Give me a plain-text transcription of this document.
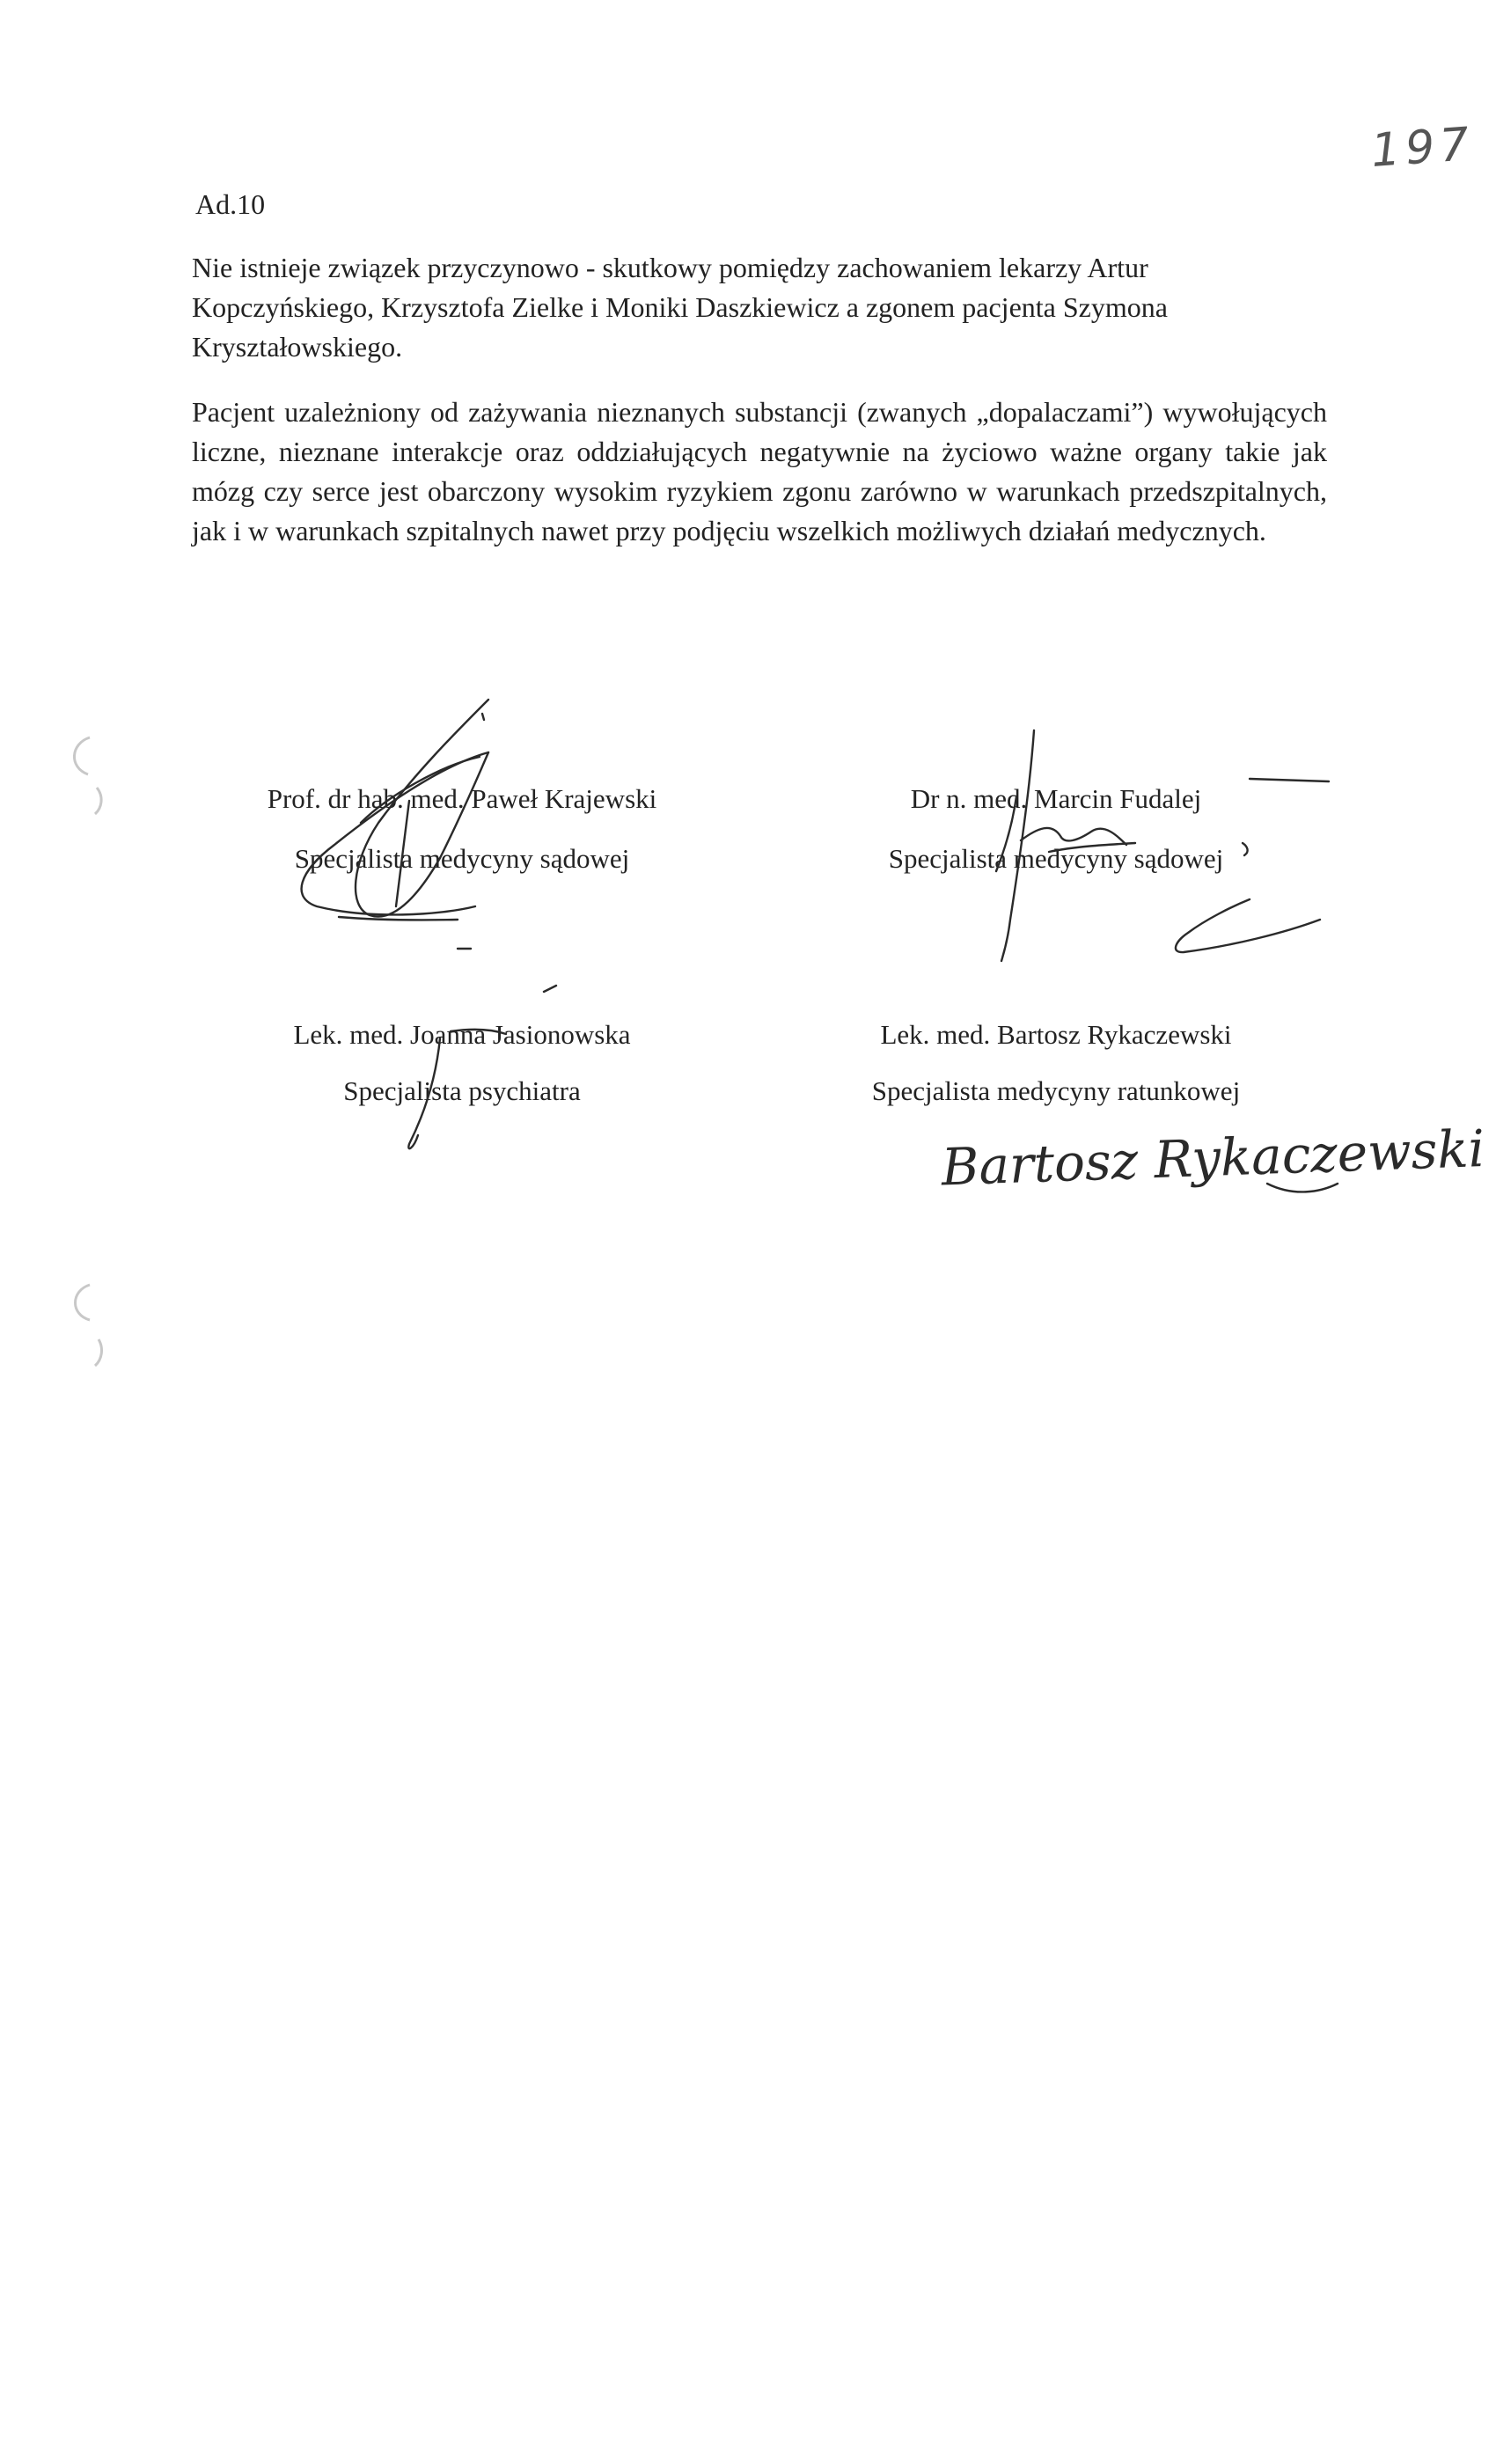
197
Ad.10

Nie istnieje związek przyczynowo - skutkowy pomiędzy zachowaniem lekarzy Artur Kopczyńskiego, Krzysztofa Zielke i Moniki Daszkiewicz a zgonem pacjenta Szymona Kryształowskiego.

Pacjent uzależniony od zażywania nieznanych substancji (zwanych „dopalaczami”) wywołujących liczne, nieznane interakcje oraz oddziałujących negatywnie na życiowo ważne organy takie jak mózg czy serce jest obarczony wysokim ryzykiem zgonu zarówno w warunkach przedszpitalnych, jak i w warunkach szpitalnych nawet przy podjęciu wszelkich możliwych działań medycznych.

Prof. dr hab. med. Paweł Krajewski
Specjalista medycyny sądowej
Dr n. med. Marcin Fudalej
Specjalista medycyny sądowej
Lek. med. Joanna Jasionowska
Specjalista psychiatra
Lek. med. Bartosz Rykaczewski
Specjalista medycyny ratunkowej
Bartosz Rykaczewski
